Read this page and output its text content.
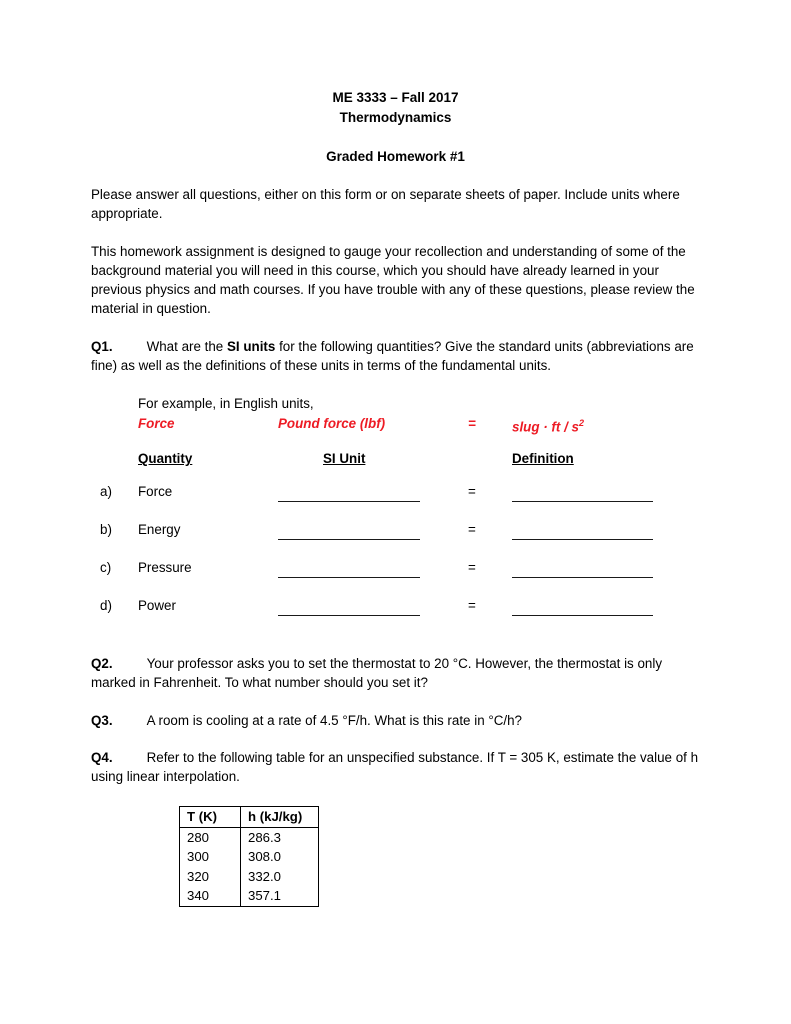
ME 3333 – Fall 2017
Thermodynamics
Graded Homework #1
Please answer all questions, either on this form or on separate sheets of paper. Include units where appropriate.
This homework assignment is designed to gauge your recollection and understanding of some of the background material you will need in this course, which you should have already learned in your previous physics and math courses. If you have trouble with any of these questions, please review the material in question.
Q1.	What are the SI units for the following quantities? Give the standard units (abbreviations are fine) as well as the definitions of these units in terms of the fundamental units.
For example, in English units,
Force	Pound force (lbf)	=	slug · ft / $s^2$
Quantity	SI Unit	Definition
a) Force	=
b) Energy	=
c) Pressure	=
d) Power	=
Q2.	Your professor asks you to set the thermostat to 20 °C. However, the thermostat is only marked in Fahrenheit. To what number should you set it?
Q3.	A room is cooling at a rate of 4.5 °F/h. What is this rate in °C/h?
Q4.	Refer to the following table for an unspecified substance. If T = 305 K, estimate the value of h using linear interpolation.
T (K)	h (kJ/kg)
280	286.3
300	308.0
320	332.0
340	357.1
